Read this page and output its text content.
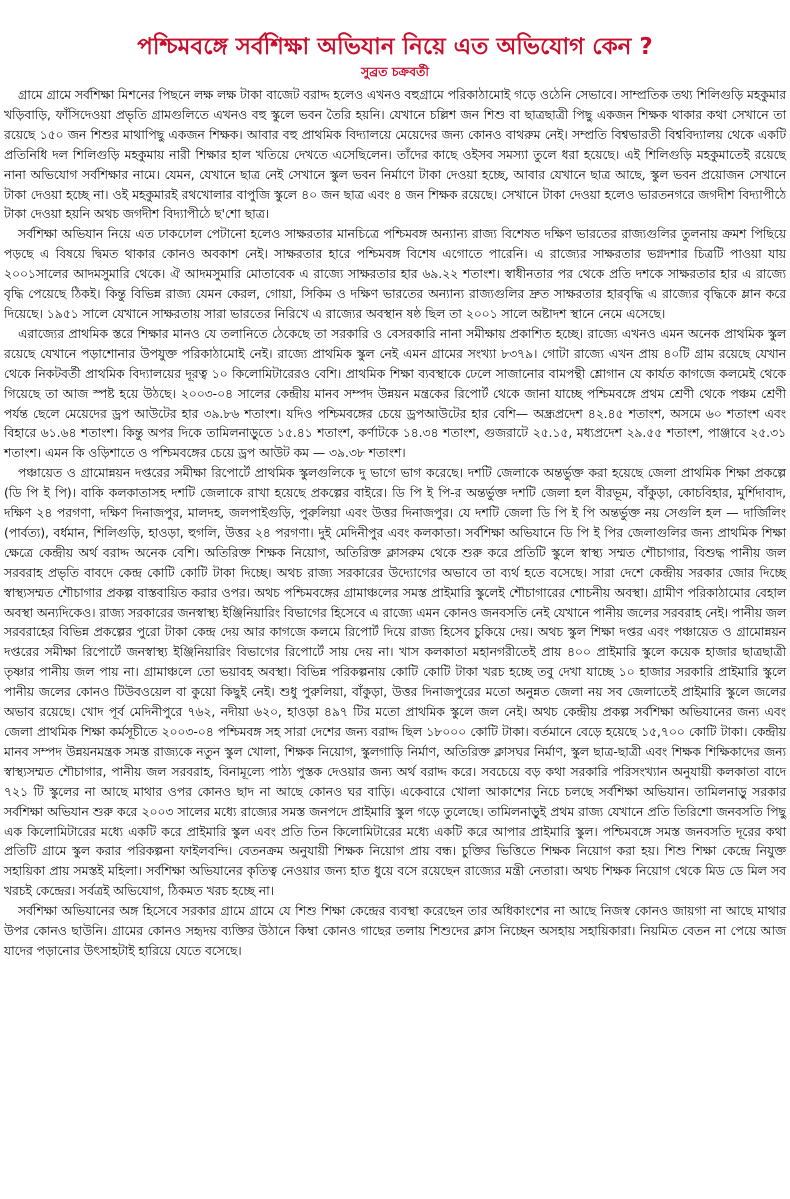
পশ্চিমবঙ্গে সর্বশিক্ষা অভিযান নিয়ে এত অভিযোগ কেন ?
সুব্রত চক্রবর্তী

গ্রামে গ্রামে সর্বশিক্ষা মিশনের পিছনে লক্ষ লক্ষ টাকা বাজেট বরাদ্দ হলেও এখনও বহুগ্রামে পরিকাঠামোই গড়ে ওঠেনি সেভাবে। সাম্প্রতিক তথ্য শিলিগুড়ি মহকুমার খড়িবাড়ি, ফাঁসিদেওয়া প্রভৃতি গ্রামগুলিতে এখনও বহু স্কুলে ভবন তৈরি হয়নি। যেখানে চল্লিশ জন শিশু বা ছাত্রছাত্রী পিছু একজন শিক্ষক থাকার কথা সেখানে তা রয়েছে ১৫০ জন শিশুর মাথাপিছু একজন শিক্ষক। আবার বহু প্রাথমিক বিদ্যালয়ে মেয়েদের জন্য কোনও বাথরুম নেই। সম্প্রতি বিশ্বভারতী বিশ্ববিদ্যালয় থেকে একটি প্রতিনিধি দল শিলিগুড়ি মহকুমায় নারী শিক্ষার হাল খতিয়ে দেখতে এসেছিলেন। তাঁদের কাছে ওইসব সমস্যা তুলে ধরা হয়েছে। এই শিলিগুড়ি মহকুমাতেই রয়েছে নানা অভিযোগ সর্বশিক্ষার নামে। যেমন, যেখানে ছাত্র নেই সেখানে স্কুল ভবন নির্মাণে টাকা দেওয়া হচ্ছে, আবার যেখানে ছাত্র আছে, স্কুল ভবন প্রয়োজন সেখানে টাকা দেওয়া হচ্ছে না। ওই মহকুমারই রথখোলার বাপুজি স্কুলে ৪০ জন ছাত্র এবং ৪ জন শিক্ষক রয়েছে। সেখানে টাকা দেওয়া হলেও ভারতনগরে জগদীশ বিদ্যাপীঠে টাকা দেওয়া হয়নি অথচ জগদীশ বিদ্যাপীঠে ছ'শো ছাত্র।

সর্বশিক্ষা অভিযান নিয়ে এত ঢাকঢোল পেটানো হলেও সাক্ষরতার মানচিত্রে পশ্চিমবঙ্গ অন্যান্য রাজ্য বিশেষত দক্ষিণ ভারতের রাজ্যগুলির তুলনায় ক্রমশ পিছিয়ে পড়ছে এ বিষয়ে দ্বিমত থাকার কোনও অবকাশ নেই। সাক্ষরতার হারে পশ্চিমবঙ্গ বিশেষ এগোতে পারেনি। এ রাজ্যের সাক্ষরতার ভগ্নদশার চিত্রটি পাওয়া যায় ২০০১সালের আদমসুমারি থেকে। ঐ আদমসুমারি মোতাবেক এ রাজ্যে সাক্ষরতার হার ৬৯.২২ শতাংশ। স্বাধীনতার পর থেকে প্রতি দশকে সাক্ষরতার হার এ রাজ্যে বৃদ্ধি পেয়েছে ঠিকই। কিন্তু বিভিন্ন রাজ্য যেমন কেরল, গোয়া, সিকিম ও দক্ষিণ ভারতের অন্যান্য রাজ্যগুলির দ্রুত সাক্ষরতার হারবৃদ্ধি এ রাজ্যের বৃদ্ধিকে ম্লান করে দিয়েছে। ১৯৫১ সালে যেখানে সাক্ষরতায় সারা ভারতের নিরিখে এ রাজ্যের অবস্থান ষষ্ঠ ছিল তা ২০০১ সালে অষ্টাদশ স্থানে নেমে এসেছে।

এরাজ্যের প্রাথমিক স্তরে শিক্ষার মানও যে তলানিতে ঠেকেছে তা সরকারি ও বেসরকারি নানা সমীক্ষায় প্রকাশিত হচ্ছে। রাজ্যে এখনও এমন অনেক প্রাথমিক স্কুল রয়েছে যেখানে পড়াশোনার উপযুক্ত পরিকাঠামোই নেই। রাজ্যে প্রাথমিক স্কুল নেই এমন গ্রামের সংখ্যা ৮৩৭৯। গোটা রাজ্যে এখন প্রায় ৪০টি গ্রাম রয়েছে যেখান থেকে নিকটবর্তী প্রাথমিক বিদ্যালয়ের দূরত্ব ১০ কিলোমিটারেরও বেশি। প্রাথমিক শিক্ষা ব্যবস্থাকে ঢেলে সাজানোর বামপন্থী শ্লোগান যে কার্যত কাগজে কলমেই থেকে গিয়েছে তা আজ স্পষ্ট হয়ে উঠছে। ২০০৩-০৪ সালের কেন্দ্রীয় মানব সম্পদ উন্নয়ন মন্ত্রকের রিপোর্ট থেকে জানা যাচ্ছে পশ্চিমবঙ্গে প্রথম শ্রেণী থেকে পঞ্চম শ্রেণী পর্যন্ত ছেলে মেয়েদের ড্রপ আউটের হার ৩৯.৮৬ শতাংশ। যদিও পশ্চিমবঙ্গের চেয়ে ড্রপআউটের হার বেশি— অন্ধ্রপ্রদেশ ৪২.৪৫ শতাংশ, অসমে ৬০ শতাংশ এবং বিহারে ৬১.৬৪ শতাংশ। কিন্তু অপর দিকে তামিলনাড়ুতে ১৫.৪১ শতাংশ, কর্ণাটকে ১৪.৩৪ শতাংশ, গুজরাটে ২৫.১৫, মধ্যপ্রদেশ ২৯.৫৫ শতাংশ, পাঞ্জাবে ২৫.৩১ শতাংশ। এমন কি ওড়িশাতে ও পশ্চিমবঙ্গের চেয়ে ড্রপ আউট কম — ৩৯.৩৮ শতাংশ।

পঞ্চায়েত ও গ্রামোন্নয়ন দপ্তরের সমীক্ষা রিপোর্টে প্রাথমিক স্কুলগুলিকে দু ভাগে ভাগ করেছে। দশটি জেলাকে অন্তর্ভুক্ত করা হয়েছে জেলা প্রাথমিক শিক্ষা প্রকল্পে (ডি পি ই পি)। বাকি কলকাতাসহ দশটি জেলাকে রাখা হয়েছে প্রকল্পের বাইরে। ডি পি ই পি-র অন্তর্ভুক্ত দশটি জেলা হল বীরভূম, বাঁকুড়া, কোচবিহার, মুর্শিদাবাদ, দক্ষিণ ২৪ পরগণা, দক্ষিণ দিনাজপুর, মালদহ, জলপাইগুড়ি, পুরুলিয়া এবং উত্তর দিনাজপুর। যে দশটি জেলা ডি পি ই পি অন্তর্ভুক্ত নয় সেগুলি হল — দার্জিলিং (পার্বত্য), বর্ধমান, শিলিগুড়ি, হাওড়া, হুগলি, উত্তর ২৪ পরগণা। দুই মেদিনীপুর এবং কলকাতা। সর্বশিক্ষা অভিযানে ডি পি ই পির জেলাগুলির জন্য প্রাথমিক শিক্ষা ক্ষেত্রে কেন্দ্রীয় অর্থ বরাদ্দ অনেক বেশি। অতিরিক্ত শিক্ষক নিয়োগ, অতিরিক্ত ক্লাসরুম থেকে শুরু করে প্রতিটি স্কুলে স্বাস্থ্য সম্মত শৌচাগার, বিশুদ্ধ পানীয় জল সরবরাহ প্রভৃতি বাবদে কেন্দ্র কোটি কোটি টাকা দিচ্ছে। অথচ রাজ্য সরকারের উদ্যোগের অভাবে তা ব্যর্থ হতে বসেছে। সারা দেশে কেন্দ্রীয় সরকার জোর দিচ্ছে স্বাস্থ্যসম্মত শৌচাগার প্রকল্প বাস্তবায়িত করার ওপর। অথচ পশ্চিমবঙ্গের গ্রামাঞ্চলের সমস্ত প্রাইমারি স্কুলেই শৌচাগারের শোচনীয় অবস্থা। গ্রামীণ পরিকাঠামোর বেহাল অবস্থা অন্যদিকেও। রাজ্য সরকারের জনস্বাস্থ্য ইঞ্জিনিয়ারিং বিভাগের হিসেবে এ রাজ্যে এমন কোনও জনবসতি নেই যেখানে পানীয় জলের সরবরাহ নেই। পানীয় জল সরবরাহের বিভিন্ন প্রকল্পের পুরো টাকা কেন্দ্র দেয় আর কাগজে কলমে রিপোর্ট দিয়ে রাজ্য হিসেব চুকিয়ে দেয়। অথচ স্কুল শিক্ষা দপ্তর এবং পঞ্চায়েত ও গ্রামোন্নয়ন দপ্তরের সমীক্ষা রিপোর্টে জনস্বাস্থ্য ইঞ্জিনিয়ারিং বিভাগের রিপোর্টে সায় দেয় না। খাস কলকাতা মহানগরীতেই প্রায় ৪০০ প্রাইমারি স্কুলে কয়েক হাজার ছাত্রছাত্রী তৃষ্ণার পানীয় জল পায় না। গ্রামাঞ্চলে তো ভয়াবহ অবস্থা। বিভিন্ন পরিকল্পনায় কোটি কোটি টাকা খরচ হচ্ছে তবু দেখা যাচ্ছে ১০ হাজার সরকারি প্রাইমারি স্কুলে পানীয় জলের কোনও টিউবওয়েল বা কুয়ো কিছুই নেই। শুধু পুরুলিয়া, বাঁকুড়া, উত্তর দিনাজপুরের মতো অনুন্নত জেলা নয় সব জেলাতেই প্রাইমারি স্কুলে জলের অভাব রয়েছে। খোদ পূর্ব মেদিনীপুরে ৭৬২, নদীয়া ৬২০, হাওড়া ৪৯৭ টির মতো প্রাথমিক স্কুলে জল নেই। অথচ কেন্দ্রীয় প্রকল্প সর্বশিক্ষা অভিযানের জন্য এবং জেলা প্রাথমিক শিক্ষা কর্মসূচীতে ২০০৩-০৪ পশ্চিমবঙ্গ সহ সারা দেশের জন্য বরাদ্দ ছিল ১৮০০০ কোটি টাকা। বর্তমানে বেড়ে হয়েছে ১৫,৭০০ কোটি টাকা। কেন্দ্রীয় মানব সম্পদ উন্নয়নমন্ত্রক সমস্ত রাজ্যকে নতুন স্কুল খোলা, শিক্ষক নিয়োগ, স্কুলগাড়ি নির্মাণ, অতিরিক্ত ক্লাসঘর নির্মাণ, স্কুল ছাত্র-ছাত্রী এবং শিক্ষক শিক্ষিকাদের জন্য স্বাস্থ্যসম্মত শৌচাগার, পানীয় জল সরবরাহ, বিনামূল্যে পাঠ্য পুস্তক দেওয়ার জন্য অর্থ বরাদ্দ করে। সবচেয়ে বড় কথা সরকারি পরিসংখ্যান অনুযায়ী কলকাতা বাদে ৭২১ টি স্কুলের না আছে মাথার ওপর কোনও ছাদ না আছে কোনও ঘর বাড়ি। একেবারে খোলা আকাশের নিচে চলছে সর্বশিক্ষা অভিযান। তামিলনাড়ু সরকার সর্বশিক্ষা অভিযান শুরু করে ২০০৩ সালের মধ্যে রাজ্যের সমস্ত জনপদে প্রাইমারি স্কুল গড়ে তুলেছে। তামিলনাড়ুই প্রথম রাজ্য যেখানে প্রতি তিরিশো জনবসতি পিছু এক কিলোমিটারের মধ্যে একটি করে প্রাইমারি স্কুল এবং প্রতি তিন কিলোমিটারের মধ্যে একটি করে আপার প্রাইমারি স্কুল। পশ্চিমবঙ্গে সমস্ত জনবসতি দূরের কথা প্রতিটি গ্রামে স্কুল করার পরিকল্পনা ফাইলবন্দি। বেতনক্রম অনুযায়ী শিক্ষক নিয়োগ প্রায় বন্ধ। চুক্তির ভিত্তিতে শিক্ষক নিয়োগ করা হয়। শিশু শিক্ষা কেন্দ্রে নিযুক্ত সহায়িকা প্রায় সমস্তই মহিলা। সর্বশিক্ষা অভিযানের কৃতিত্ব নেওয়ার জন্য হাত ধুয়ে বসে রয়েছেন রাজ্যের মন্ত্রী নেতারা। অথচ শিক্ষক নিয়োগ থেকে মিড ডে মিল সব খরচই কেন্দ্রের। সর্বত্রই অভিযোগ, ঠিকমত খরচ হচ্ছে না।

সর্বশিক্ষা অভিযানের অঙ্গ হিসেবে সরকার গ্রামে গ্রামে যে শিশু শিক্ষা কেন্দ্রের ব্যবস্থা করেছেন তার অধিকাংশের না আছে নিজস্ব কোনও জায়গা না আছে মাথার উপর কোনও ছাউনি। গ্রামের কোনও সহৃদয় ব্যক্তির উঠানে কিম্বা কোনও গাছের তলায় শিশুদের ক্লাস নিচ্ছেন অসহায় সহায়িকারা। নিয়মিত বেতন না পেয়ে আজ যাদের পড়ানোর উৎসাহটাই হারিয়ে যেতে বসেছে।
